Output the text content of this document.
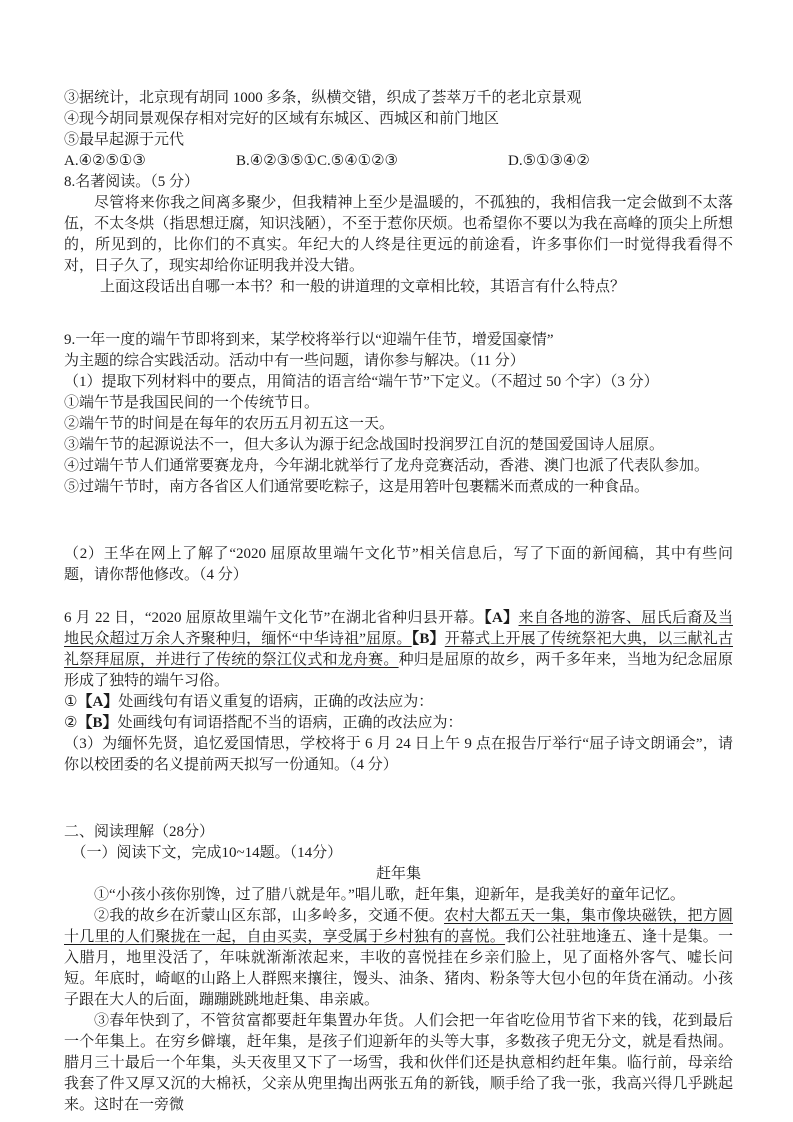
③据统计，北京现有胡同 1000 多条，纵横交错，织成了荟萃万千的老北京景观
④现今胡同景观保存相对完好的区域有东城区、西城区和前门地区
⑤最早起源于元代
A.④②⑤①③	B.④②③⑤①C.⑤④①②③	D.⑤①③④②
8.名著阅读。（5 分）
尽管将来你我之间离多聚少，但我精神上至少是温暖的，不孤独的，我相信我一定会做到不太落伍，不太冬烘（指思想迂腐，知识浅陋），不至于惹你厌烦。也希望你不要以为我在高峰的顶尖上所想的，所见到的，比你们的不真实。年纪大的人终是往更远的前途看，许多事你们一时觉得我看得不对，日子久了，现实却给你证明我并没大错。
上面这段话出自哪一本书？和一般的讲道理的文章相比较，其语言有什么特点？
9.一年一度的端午节即将到来，某学校将举行以“迎端午佳节，增爱国豪情”
为主题的综合实践活动。活动中有一些问题，请你参与解决。（11 分）
（1）提取下列材料中的要点，用简洁的语言给“端午节”下定义。（不超过 50 个字）（3 分）
①端午节是我国民间的一个传统节日。
②端午节的时间是在每年的农历五月初五这一天。
③端午节的起源说法不一，但大多认为源于纪念战国时投润罗江自沉的楚国爱国诗人屈原。
④过端午节人们通常要赛龙舟，今年湖北就举行了龙舟竞赛活动，香港、澳门也派了代表队参加。
⑤过端午节时，南方各省区人们通常要吃粽子，这是用箬叶包裹糯米而煮成的一种食品。
（2）王华在网上了解了“2020 屈原故里端午文化节”相关信息后，写了下面的新闻稿，其中有些问题，请你帮他修改。（4 分）
6 月 22 日，“2020 屈原故里端午文化节”在湖北省种归县开幕。【A】来自各地的游客、屈氏后裔及当地民众超过万余人齐聚种归，缅怀“中华诗祖”屈原。【B】开幕式上开展了传统祭祀大典，以三献礼古礼祭拜屈原，并进行了传统的祭江仪式和龙舟赛。种归是屈原的故乡，两千多年来，当地为纪念屈原形成了独特的端午习俗。
①【A】处画线句有语义重复的语病，正确的改法应为：
②【B】处画线句有词语搭配不当的语病，正确的改法应为：
（3）为缅怀先贤，追忆爱国情思，学校将于 6 月 24 日上午 9 点在报告厅举行“屈子诗文朗诵会”，请你以校团委的名义提前两天拟写一份通知。（4 分）
二、阅读理解（28分）
（一）阅读下文，完成10~14题。（14分）
赶年集
①“小孩小孩你别馋，过了腊八就是年。”唱儿歌，赶年集，迎新年，是我美好的童年记忆。
②我的故乡在沂蒙山区东部，山多岭多，交通不便。农村大都五天一集，集市像块磁铁，把方圆十几里的人们聚拢在一起，自由买卖，享受属于乡村独有的喜悦。我们公社驻地逢五、逢十是集。一入腊月，地里没活了，年味就渐渐浓起来，丰收的喜悦挂在乡亲们脸上，见了面格外客气、嘘长问短。年底时，崎岖的山路上人群熙来攘往，馒头、油条、猪肉、粉条等大包小包的年货在涌动。小孩子跟在大人的后面，蹦蹦跳跳地赶集、串亲戚。
③春年快到了，不管贫富都要赶年集置办年货。人们会把一年省吃俭用节省下来的钱，花到最后一个年集上。在穷乡僻壤，赶年集，是孩子们迎新年的头等大事，多数孩子兜无分文，就是看热闹。腊月三十最后一个年集，头天夜里又下了一场雪，我和伙伴们还是执意相约赶年集。临行前，母亲给我套了件又厚又沉的大棉袄，父亲从兜里掏出两张五角的新钱，顺手给了我一张，我高兴得几乎跳起来。这时在一旁微
